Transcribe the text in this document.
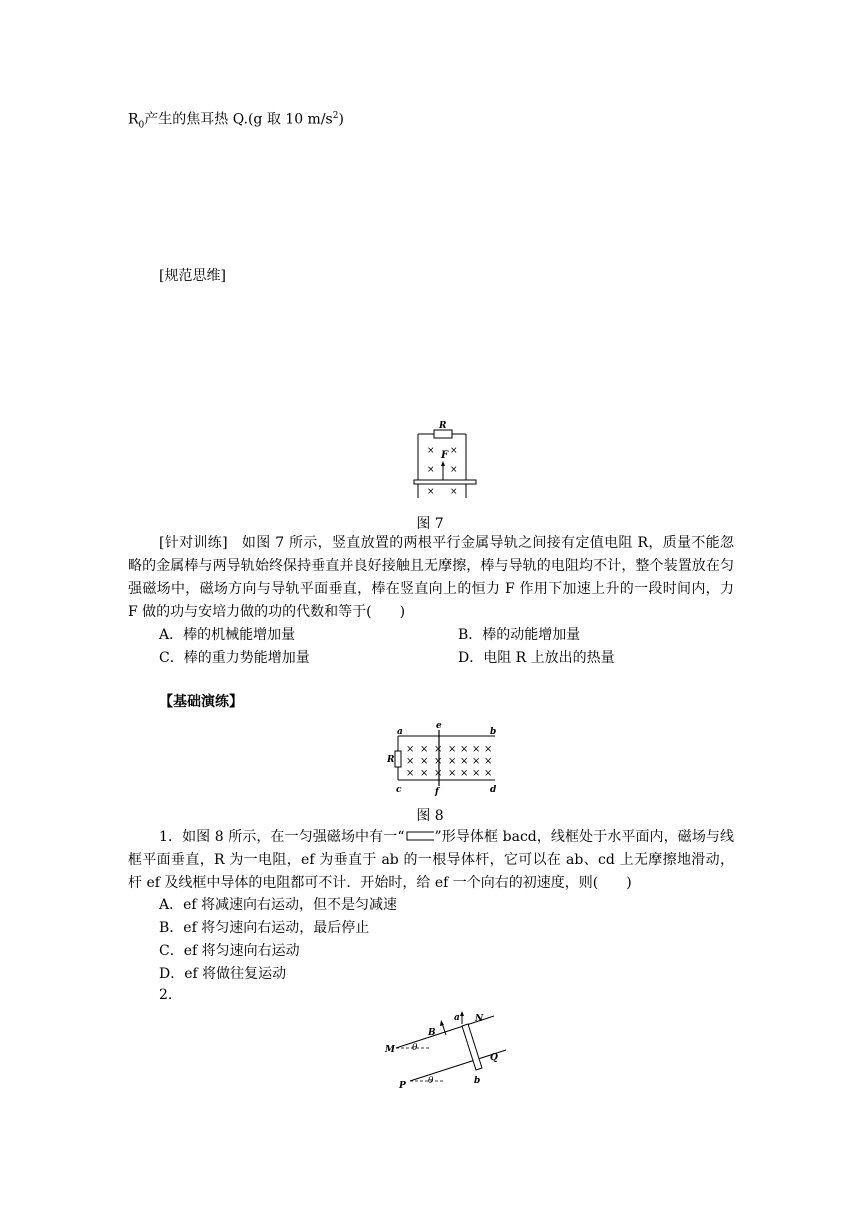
$R_0$产生的焦耳热 Q.(g 取 10 $m/s^2$)
[规范思维]
R
× ×
F
× ×
× ×
图 7
[针对训练] 如图 7 所示，竖直放置的两根平行金属导轨之间接有定值电阻 R，质量不能忽略的金属棒与两导轨始终保持垂直并良好接触且无摩擦，棒与导轨的电阻均不计，整个装置放在匀强磁场中，磁场方向与导轨平面垂直，棒在竖直向上的恒力 F 作用下加速上升的一段时间内，力 F 做的功与安培力做的功的代数和等于(　　)
A．棒的机械能增加量	B．棒的动能增加量
C．棒的重力势能增加量	D．电阻 R 上放出的热量
【基础演练】
a
e
b
R
c	f	d
× × × × × × ×
× × × × × × ×
× × × × × × ×
图 8
1．如图 8 所示，在一匀强磁场中有一“ ”形导体框 bacd，线框处于水平面内，磁场与线框平面垂直，R 为一电阻，ef 为垂直于 ab 的一根导体杆，它可以在 ab、cd 上无摩擦地滑动，杆 ef 及线框中导体的电阻都可不计．开始时，给 ef 一个向右的初速度，则(　　)
A．ef 将减速向右运动，但不是匀减速
B．ef 将匀速向右运动，最后停止
C．ef 将匀速向右运动
D．ef 将做往复运动
2.
B
a N
M θ
Q
P θ	b
